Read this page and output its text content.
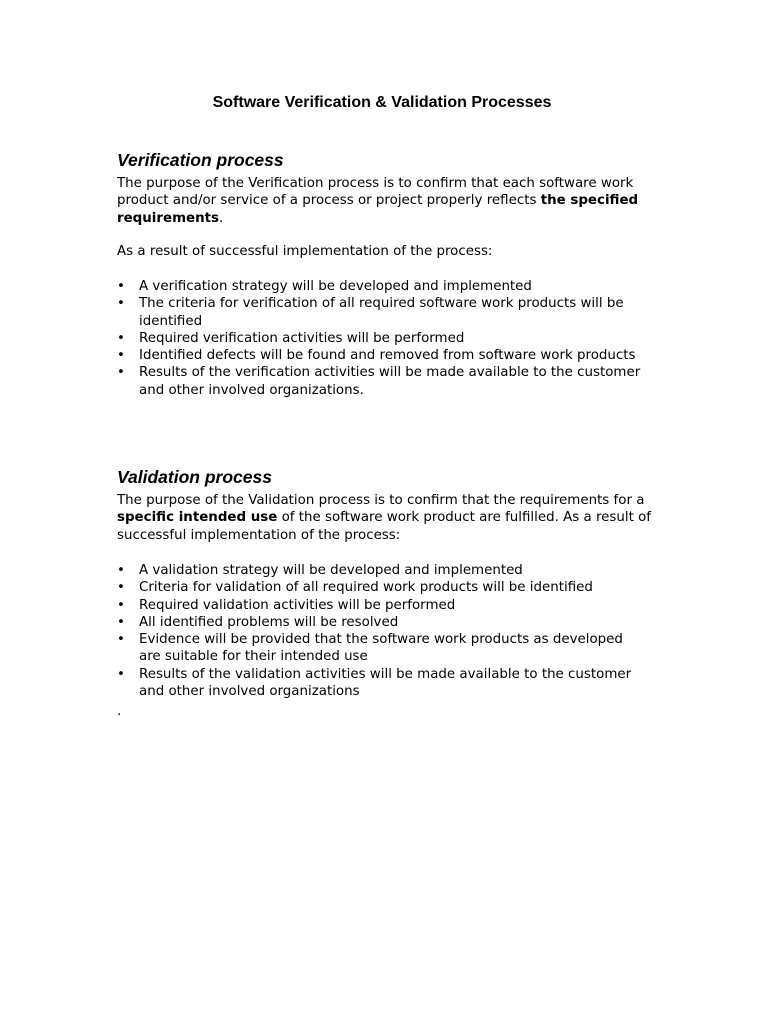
Software Verification & Validation Processes
Verification process

The purpose of the Verification process is to confirm that each software work product and/or service of a process or project properly reflects the specified requirements.

As a result of successful implementation of the process:

•	A verification strategy will be developed and implemented
•	The criteria for verification of all required software work products will be identified
•	Required verification activities will be performed
•	Identified defects will be found and removed from software work products
•	Results of the verification activities will be made available to the customer and other involved organizations.
Validation process

The purpose of the Validation process is to confirm that the requirements for a specific intended use of the software work product are fulfilled. As a result of successful implementation of the process:

•	A validation strategy will be developed and implemented
•	Criteria for validation of all required work products will be identified
•	Required validation activities will be performed
•	All identified problems will be resolved
•	Evidence will be provided that the software work products as developed are suitable for their intended use
•	Results of the validation activities will be made available to the customer and other involved organizations
.
